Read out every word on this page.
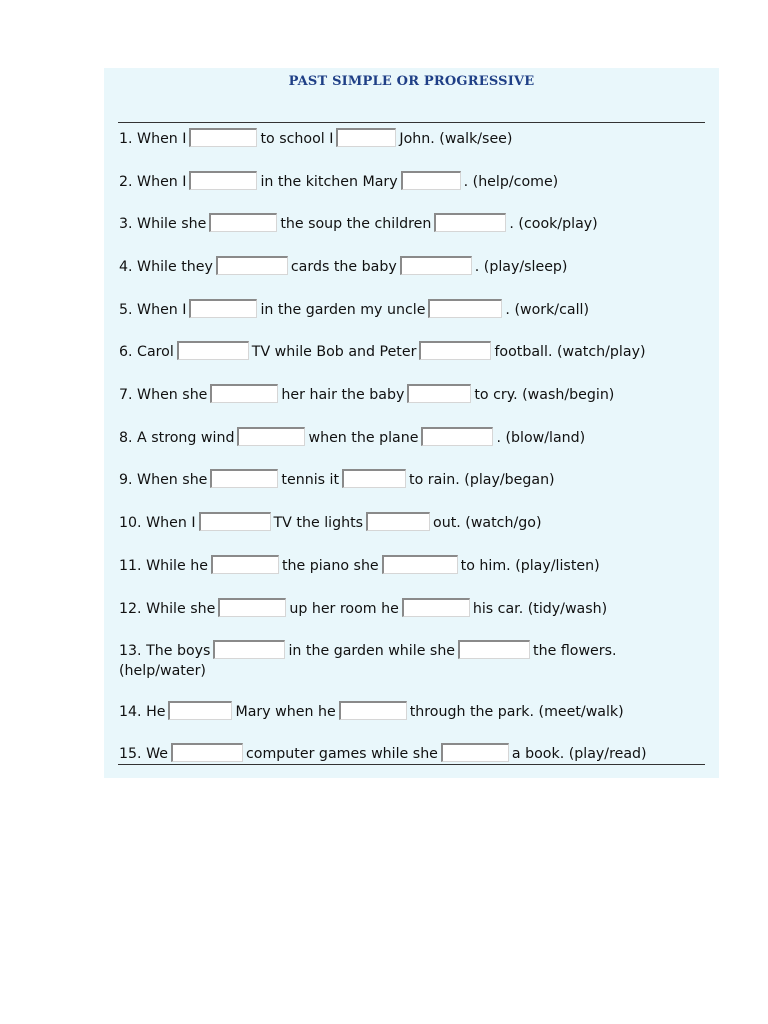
PAST SIMPLE OR PROGRESSIVE
1. When I	to school I	John. (walk/see)
2. When I	in the kitchen Mary	. (help/come)
3. While she	the soup the children	. (cook/play)
4. While they	cards the baby	. (play/sleep)
5. When I	in the garden my uncle	. (work/call)
6. Carol	TV while Bob and Peter	football. (watch/play)
7. When she	her hair the baby	to cry. (wash/begin)
8. A strong wind	when the plane	. (blow/land)
9. When she	tennis it	to rain. (play/began)
10. When I	TV the lights	out. (watch/go)
11. While he	the piano she	to him. (play/listen)
12. While she	up her room he	his car. (tidy/wash)
13. The boys	in the garden while she	the flowers. (help/water)
14. He	Mary when he	through the park. (meet/walk)
15. We	computer games while she	a book. (play/read)
